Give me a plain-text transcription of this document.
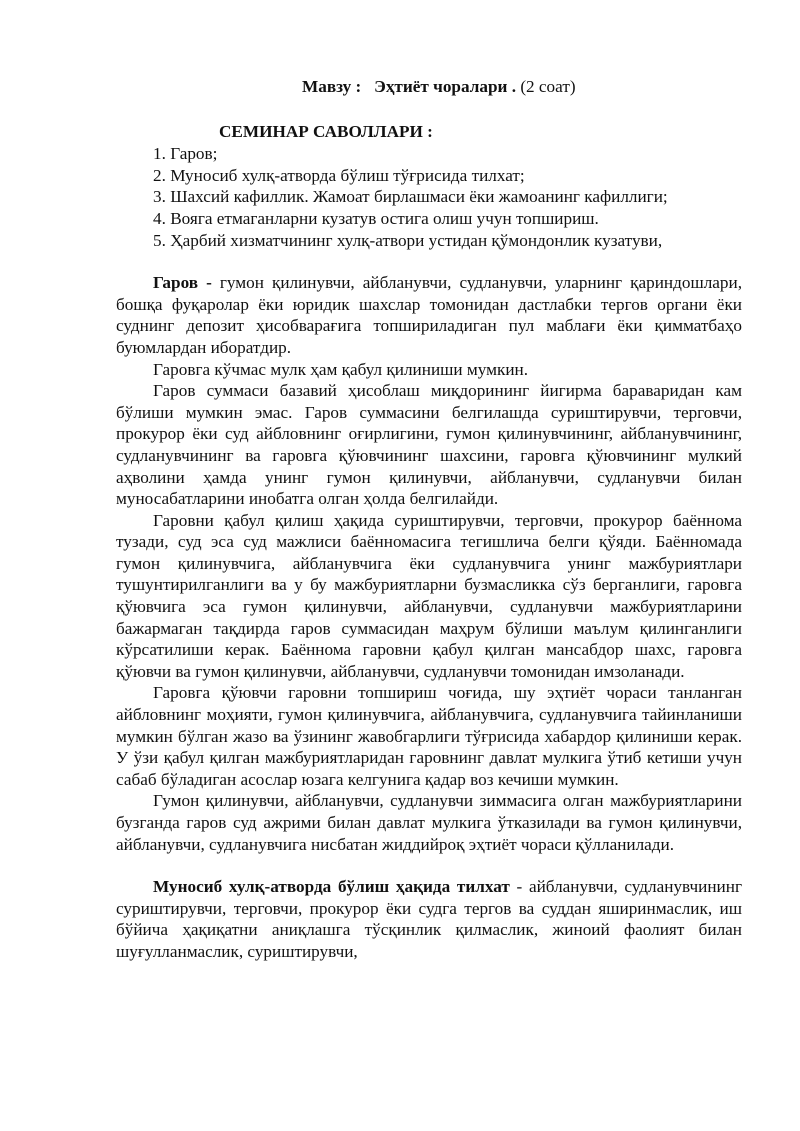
Мавзу : Эҳтиёт чоралари . (2 соат)
СЕМИНАР САВОЛЛАРИ :
1. Гаров;
2. Муносиб хулқ-атворда бўлиш тўғрисида тилхат;
3. Шахсий кафиллик. Жамоат бирлашмаси ёки жамоанинг кафиллиги;
4. Вояга етмаганларни кузатув остига олиш учун топшириш.
5. Ҳарбий хизматчининг хулқ-атвори устидан қўмондонлик кузатуви,

Гаров - гумон қилинувчи, айбланувчи, судланувчи, уларнинг қариндошлари, бошқа фуқаролар ёки юридик шахслар томонидан дастлабки тергов органи ёки суднинг депозит ҳисобварағига топшириладиган пул маблағи ёки қимматбаҳо буюмлардан иборатдир.

Гаровга кўчмас мулк ҳам қабул қилиниши мумкин.

Гаров суммаси базавий ҳисоблаш миқдорининг йигирма бараваридан кам бўлиши мумкин эмас. Гаров суммасини белгилашда суриштирувчи, терговчи, прокурор ёки суд айбловнинг оғирлигини, гумон қилинувчининг, айбланувчининг, судланувчининг ва гаровга қўювчининг шахсини, гаровга қўювчининг мулкий аҳволини ҳамда унинг гумон қилинувчи, айбланувчи, судланувчи билан муносабатларини инобатга олган ҳолда белгилайди.

Гаровни қабул қилиш ҳақида суриштирувчи, терговчи, прокурор баённома тузади, суд эса суд мажлиси баённомасига тегишлича белги қўяди. Баённомада гумон қилинувчига, айбланувчига ёки судланувчига унинг мажбуриятлари тушунтирилганлиги ва у бу мажбуриятларни бузмасликка сўз берганлиги, гаровга қўювчига эса гумон қилинувчи, айбланувчи, судланувчи мажбуриятларини бажармаган тақдирда гаров суммасидан маҳрум бўлиши маълум қилинганлиги кўрсатилиши керак. Баённома гаровни қабул қилган мансабдор шахс, гаровга қўювчи ва гумон қилинувчи, айбланувчи, судланувчи томонидан имзоланади.

Гаровга қўювчи гаровни топшириш чоғида, шу эҳтиёт чораси танланган айбловнинг моҳияти, гумон қилинувчига, айбланувчига, судланувчига тайинланиши мумкин бўлган жазо ва ўзининг жавобгарлиги тўғрисида хабардор қилиниши керак. У ўзи қабул қилган мажбуриятларидан гаровнинг давлат мулкига ўтиб кетиши учун сабаб бўладиган асослар юзага келгунига қадар воз кечиши мумкин.

Гумон қилинувчи, айбланувчи, судланувчи зиммасига олган мажбуриятларини бузганда гаров суд ажрими билан давлат мулкига ўтказилади ва гумон қилинувчи, айбланувчи, судланувчига нисбатан жиддийроқ эҳтиёт чораси қўлланилади.

Муносиб хулқ-атворда бўлиш ҳақида тилхат - айбланувчи, судланувчининг суриштирувчи, терговчи, прокурор ёки судга тергов ва суддан яширинмаслик, иш бўйича ҳақиқатни аниқлашга тўсқинлик қилмаслик, жиноий фаолият билан шуғулланмаслик, суриштирувчи,
